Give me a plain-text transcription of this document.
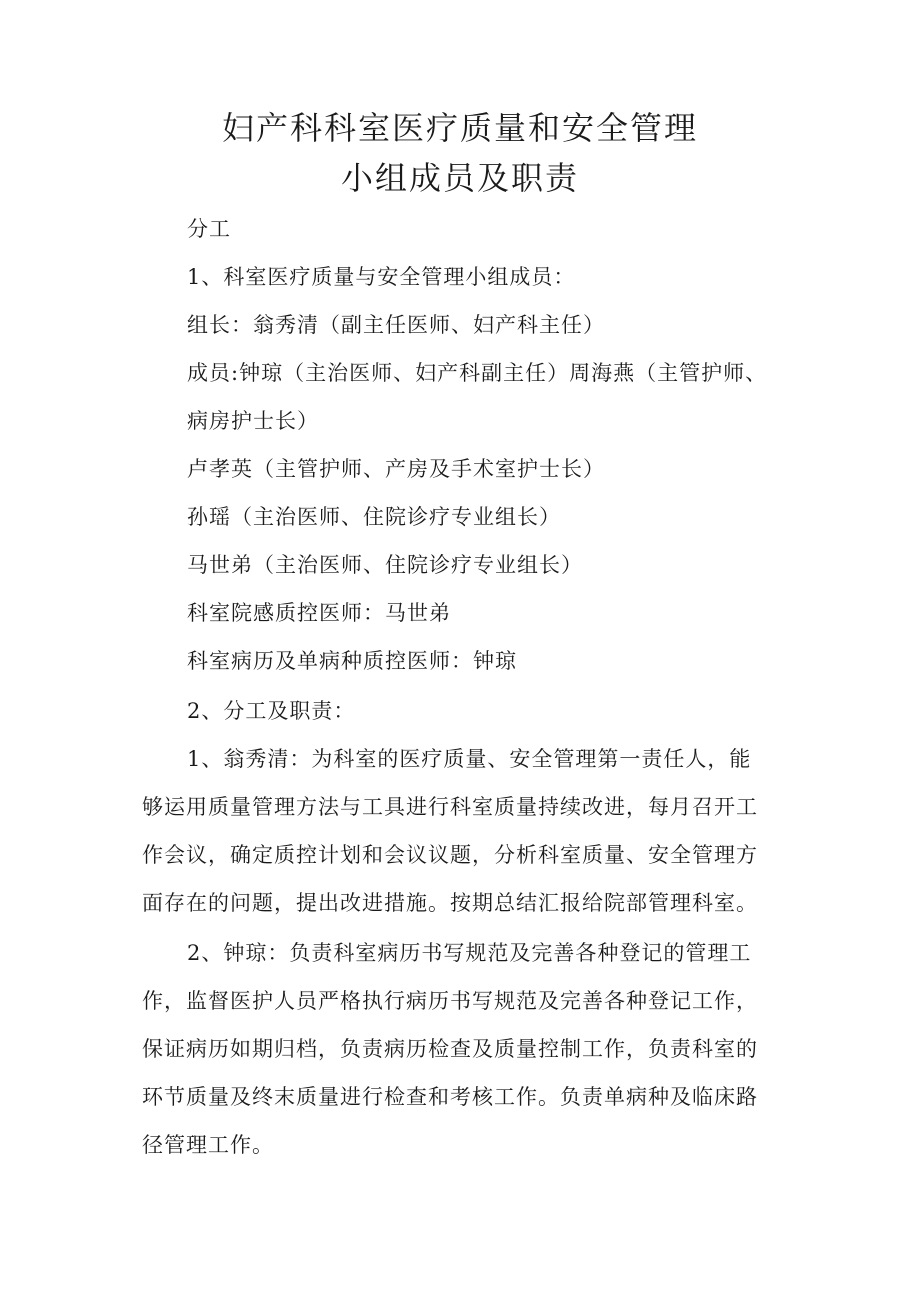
妇产科科室医疗质量和安全管理
小组成员及职责
分工
1、科室医疗质量与安全管理小组成员：
组长：翁秀清（副主任医师、妇产科主任）
成员:钟琼（主治医师、妇产科副主任）周海燕（主管护师、
病房护士长）
卢孝英（主管护师、产房及手术室护士长）
孙瑶（主治医师、住院诊疗专业组长）
马世弟（主治医师、住院诊疗专业组长）
科室院感质控医师：马世弟
科室病历及单病种质控医师：钟琼
2、分工及职责：
1、翁秀清：为科室的医疗质量、安全管理第一责任人，能
够运用质量管理方法与工具进行科室质量持续改进，每月召开工
作会议，确定质控计划和会议议题，分析科室质量、安全管理方
面存在的问题，提出改进措施。按期总结汇报给院部管理科室。
2、钟琼：负责科室病历书写规范及完善各种登记的管理工
作，监督医护人员严格执行病历书写规范及完善各种登记工作，
保证病历如期归档，负责病历检查及质量控制工作，负责科室的
环节质量及终末质量进行检查和考核工作。负责单病种及临床路
径管理工作。
